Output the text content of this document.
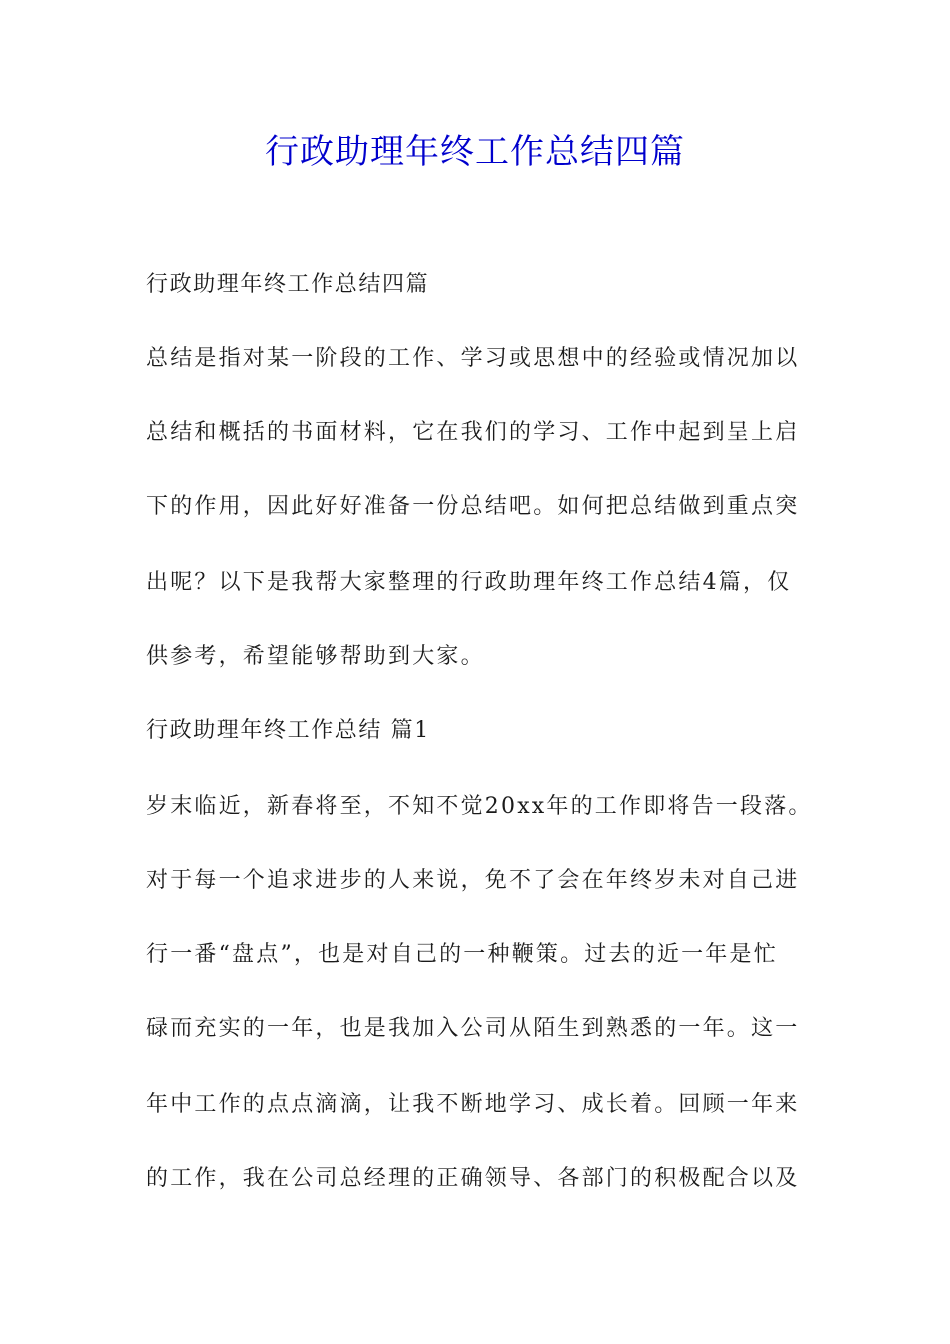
行政助理年终工作总结四篇
行政助理年终工作总结四篇
总结是指对某一阶段的工作、学习或思想中的经验或情况加以
总结和概括的书面材料，它在我们的学习、工作中起到呈上启
下的作用，因此好好准备一份总结吧。如何把总结做到重点突
出呢？以下是我帮大家整理的行政助理年终工作总结4篇，仅
供参考，希望能够帮助到大家。
行政助理年终工作总结 篇1
岁末临近，新春将至，不知不觉20xx年的工作即将告一段落。
对于每一个追求进步的人来说，免不了会在年终岁未对自己进
行一番“盘点”，也是对自己的一种鞭策。过去的近一年是忙
碌而充实的一年，也是我加入公司从陌生到熟悉的一年。这一
年中工作的点点滴滴，让我不断地学习、成长着。回顾一年来
的工作，我在公司总经理的正确领导、各部门的积极配合以及
